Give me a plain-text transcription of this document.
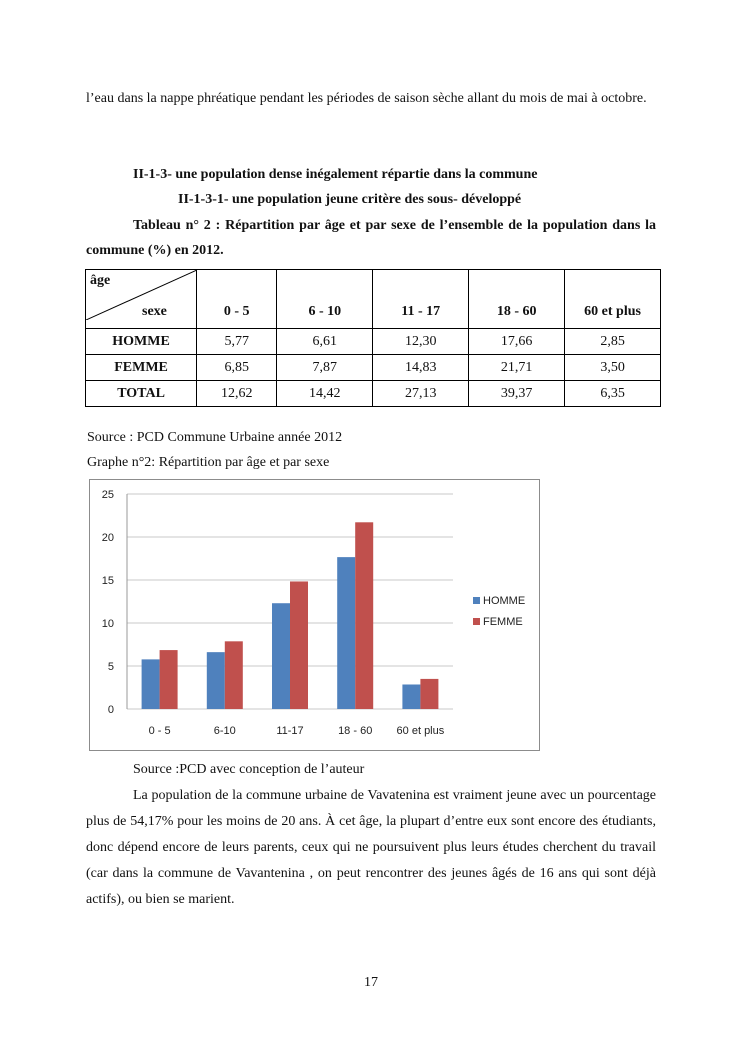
l’eau dans la nappe phréatique pendant les périodes de saison sèche allant du mois de mai à octobre.

II-1-3- une population dense inégalement répartie dans la commune

II-1-3-1- une population jeune critère des sous- développé

Tableau n° 2 : Répartition par âge et par sexe de l’ensemble de la population dans la commune (%) en 2012.

âge
sexe	0 - 5	6 - 10	11 - 17	18 - 60	60 et plus
HOMME	5,77	6,61	12,30	17,66	2,85
FEMME	6,85	7,87	14,83	21,71	3,50
TOTAL	12,62	14,42	27,13	39,37	6,35

Source : PCD Commune Urbaine année 2012

Graphe n°2: Répartition par âge et par sexe

0
5
10
15
20
25
0 - 5	6-10	11-17	18 - 60 60 et plus
HOMME
FEMME

Source :PCD avec conception de l’auteur

La population de la commune urbaine de Vavatenina est vraiment jeune avec un pourcentage plus de 54,17% pour les moins de 20 ans. À cet âge, la plupart d’entre eux sont encore des étudiants, donc dépend encore de leurs parents, ceux qui ne poursuivent plus leurs études cherchent du travail (car dans la commune de Vavantenina , on peut rencontrer des jeunes âgés de 16 ans qui sont déjà actifs), ou bien se marient.

17
